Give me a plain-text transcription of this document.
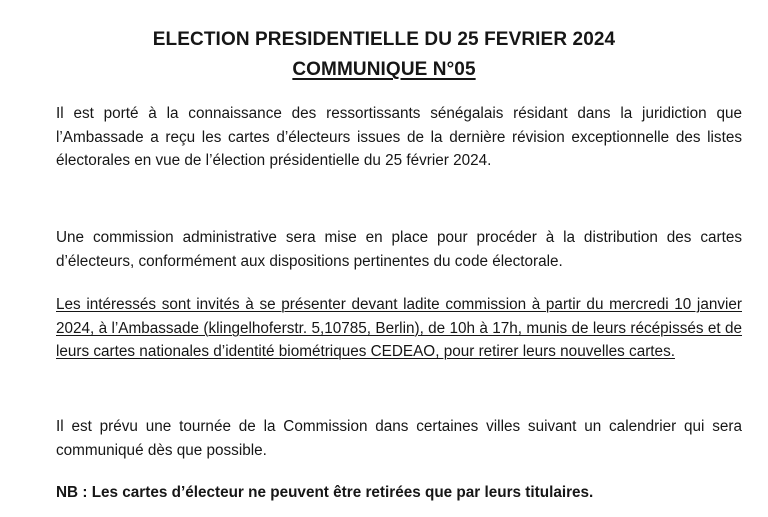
ELECTION PRESIDENTIELLE DU 25 FEVRIER 2024
COMMUNIQUE N°05

Il est porté à la connaissance des ressortissants sénégalais résidant dans la juridiction que l’Ambassade a reçu les cartes d’électeurs issues de la dernière révision exceptionnelle des listes électorales en vue de l’élection présidentielle du 25 février 2024.

Une commission administrative sera mise en place pour procéder à la distribution des cartes d’électeurs, conformément aux dispositions pertinentes du code électorale.

Les intéressés sont invités à se présenter devant ladite commission à partir du mercredi 10 janvier 2024, à l’Ambassade (klingelhoferstr. 5,10785, Berlin), de 10h à 17h, munis de leurs récépissés et de leurs cartes nationales d’identité biométriques CEDEAO, pour retirer leurs nouvelles cartes.

Il est prévu une tournée de la Commission dans certaines villes suivant un calendrier qui sera communiqué dès que possible.

NB : Les cartes d’électeur ne peuvent être retirées que par leurs titulaires.
